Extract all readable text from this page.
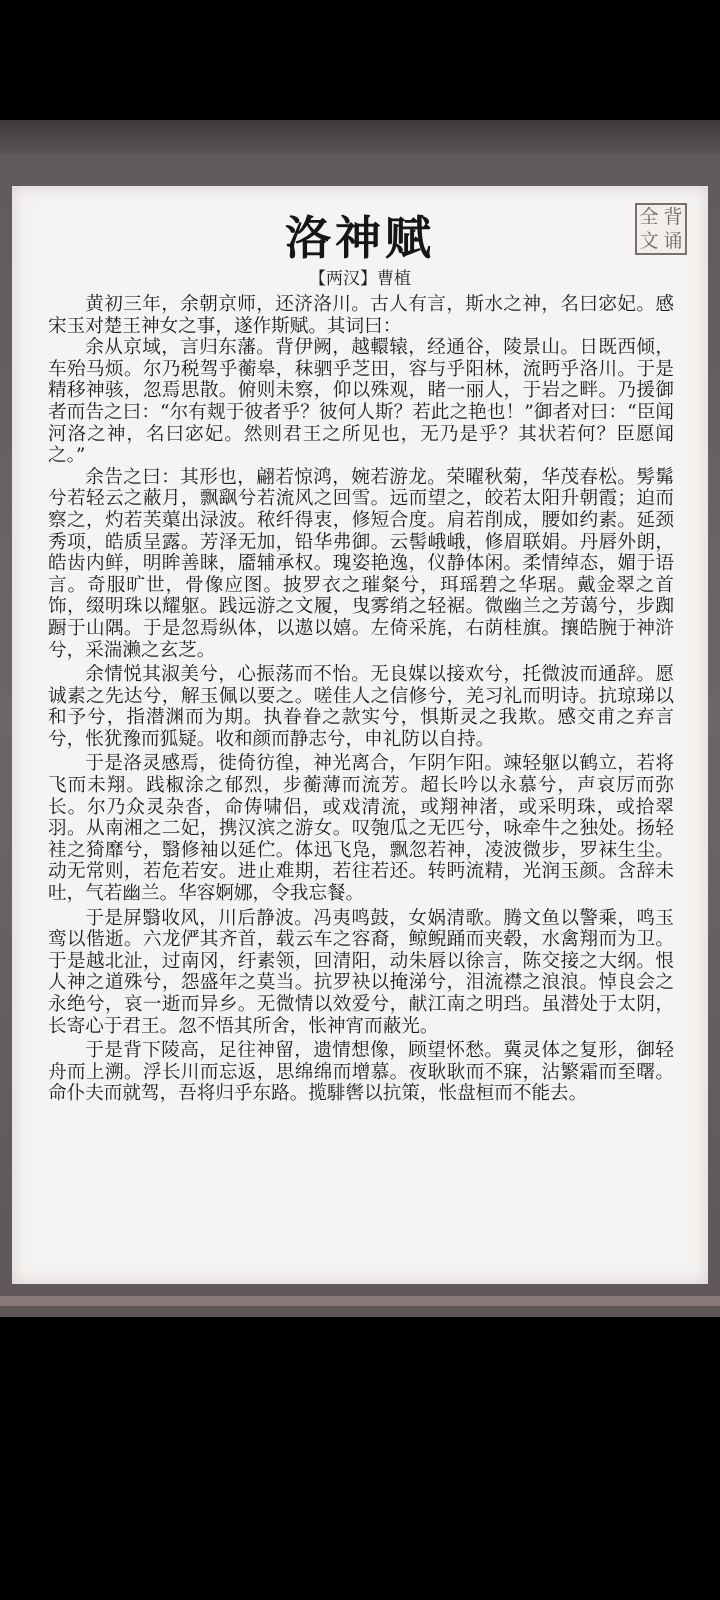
全 背
文 诵
洛神赋
【两汉】曹植

黄初三年，余朝京师，还济洛川。古人有言，斯水之神，名曰宓妃。感宋玉对楚王神女之事，遂作斯赋。其词曰：

余从京域，言归东藩。背伊阙，越轘辕，经通谷，陵景山。日既西倾，车殆马烦。尔乃税驾乎蘅皋，秣驷乎芝田，容与乎阳林，流眄乎洛川。于是精移神骇，忽焉思散。俯则未察，仰以殊观，睹一丽人，于岩之畔。乃援御者而告之曰：“尔有觌于彼者乎？彼何人斯？若此之艳也！”御者对曰：“臣闻河洛之神，名曰宓妃。然则君王之所见也，无乃是乎？其状若何？臣愿闻之。”

余告之曰：其形也，翩若惊鸿，婉若游龙。荣曜秋菊，华茂春松。髣髴兮若轻云之蔽月，飘飖兮若流风之回雪。远而望之，皎若太阳升朝霞；迫而察之，灼若芙蕖出渌波。秾纤得衷，修短合度。肩若削成，腰如约素。延颈秀项，皓质呈露。芳泽无加，铅华弗御。云髻峨峨，修眉联娟。丹唇外朗，皓齿内鲜，明眸善睐，靥辅承权。瑰姿艳逸，仪静体闲。柔情绰态，媚于语言。奇服旷世，骨像应图。披罗衣之璀粲兮，珥瑶碧之华琚。戴金翠之首饰，缀明珠以耀躯。践远游之文履，曳雾绡之轻裾。微幽兰之芳蔼兮，步踟蹰于山隅。于是忽焉纵体，以遨以嬉。左倚采旄，右荫桂旗。攘皓腕于神浒兮，采湍濑之玄芝。

余情悦其淑美兮，心振荡而不怡。无良媒以接欢兮，托微波而通辞。愿诚素之先达兮，解玉佩以要之。嗟佳人之信修兮，羌习礼而明诗。抗琼珶以和予兮，指潜渊而为期。执眷眷之款实兮，惧斯灵之我欺。感交甫之弃言兮，怅犹豫而狐疑。收和颜而静志兮，申礼防以自持。

于是洛灵感焉，徙倚彷徨，神光离合，乍阴乍阳。竦轻躯以鹤立，若将飞而未翔。践椒涂之郁烈，步蘅薄而流芳。超长吟以永慕兮，声哀厉而弥长。尔乃众灵杂沓，命俦啸侣，或戏清流，或翔神渚，或采明珠，或拾翠羽。从南湘之二妃，携汉滨之游女。叹匏瓜之无匹兮，咏牵牛之独处。扬轻袿之猗靡兮，翳修袖以延伫。体迅飞凫，飘忽若神，凌波微步，罗袜生尘。动无常则，若危若安。进止难期，若往若还。转眄流精，光润玉颜。含辞未吐，气若幽兰。华容婀娜，令我忘餐。

于是屏翳收风，川后静波。冯夷鸣鼓，女娲清歌。腾文鱼以警乘，鸣玉鸾以偕逝。六龙俨其齐首，载云车之容裔，鲸鲵踊而夹毂，水禽翔而为卫。于是越北沚，过南冈，纡素领，回清阳，动朱唇以徐言，陈交接之大纲。恨人神之道殊兮，怨盛年之莫当。抗罗袂以掩涕兮，泪流襟之浪浪。悼良会之永绝兮，哀一逝而异乡。无微情以效爱兮，献江南之明珰。虽潜处于太阴，长寄心于君王。忽不悟其所舍，怅神宵而蔽光。

于是背下陵高，足往神留，遗情想像，顾望怀愁。冀灵体之复形，御轻舟而上溯。浮长川而忘返，思绵绵而增慕。夜耿耿而不寐，沾繁霜而至曙。命仆夫而就驾，吾将归乎东路。揽騑辔以抗策，怅盘桓而不能去。
